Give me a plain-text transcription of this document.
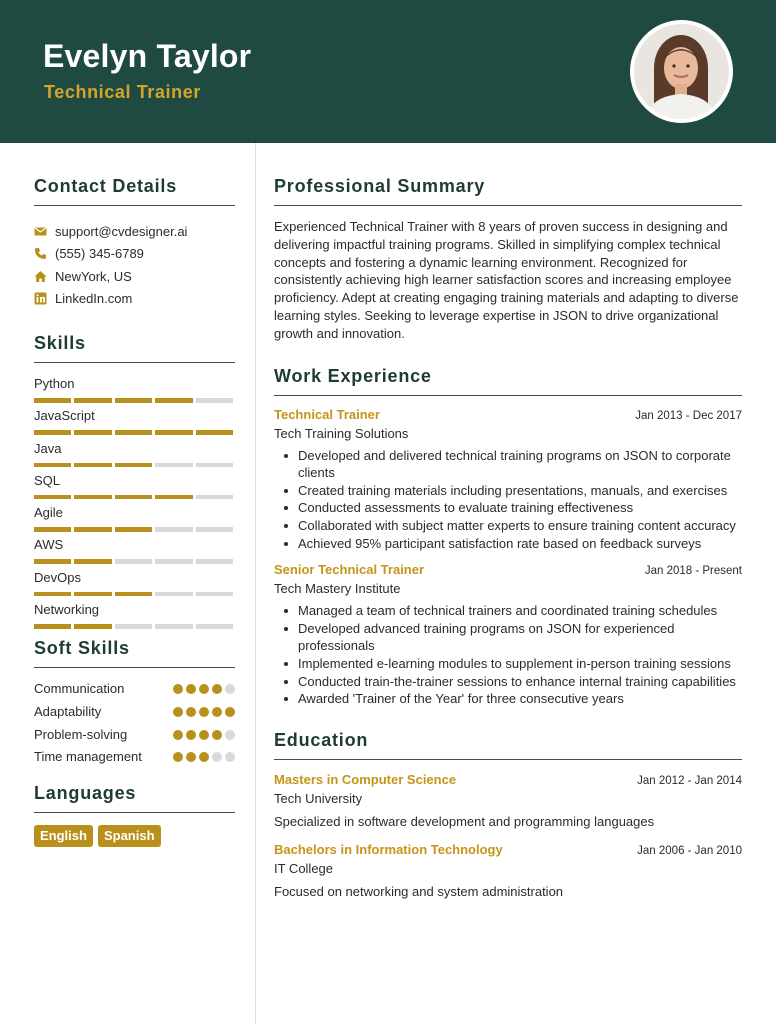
Evelyn Taylor
Technical Trainer
Contact Details
support@cvdesigner.ai
(555) 345-6789
NewYork, US
LinkedIn.com
Skills
Python
JavaScript
Java
SQL
Agile
AWS
DevOps
Networking
Soft Skills
Communication
Adaptability
Problem-solving
Time management
Languages
English	Spanish
Professional Summary
Experienced Technical Trainer with 8 years of proven success in designing and delivering impactful training programs. Skilled in simplifying complex technical concepts and fostering a dynamic learning environment. Recognized for consistently achieving high learner satisfaction scores and increasing employee proficiency. Adept at creating engaging training materials and adapting to diverse learning styles. Seeking to leverage expertise in JSON to drive organizational growth and innovation.
Work Experience
Technical Trainer	Jan 2013 - Dec 2017
Tech Training Solutions
Developed and delivered technical training programs on JSON to corporate clients
Created training materials including presentations, manuals, and exercises
Conducted assessments to evaluate training effectiveness
Collaborated with subject matter experts to ensure training content accuracy
Achieved 95% participant satisfaction rate based on feedback surveys
Senior Technical Trainer	Jan 2018 - Present
Tech Mastery Institute
Managed a team of technical trainers and coordinated training schedules
Developed advanced training programs on JSON for experienced professionals
Implemented e-learning modules to supplement in-person training sessions
Conducted train-the-trainer sessions to enhance internal training capabilities
Awarded 'Trainer of the Year' for three consecutive years
Education
Masters in Computer Science	Jan 2012 - Jan 2014
Tech University
Specialized in software development and programming languages
Bachelors in Information Technology	Jan 2006 - Jan 2010
IT College
Focused on networking and system administration
